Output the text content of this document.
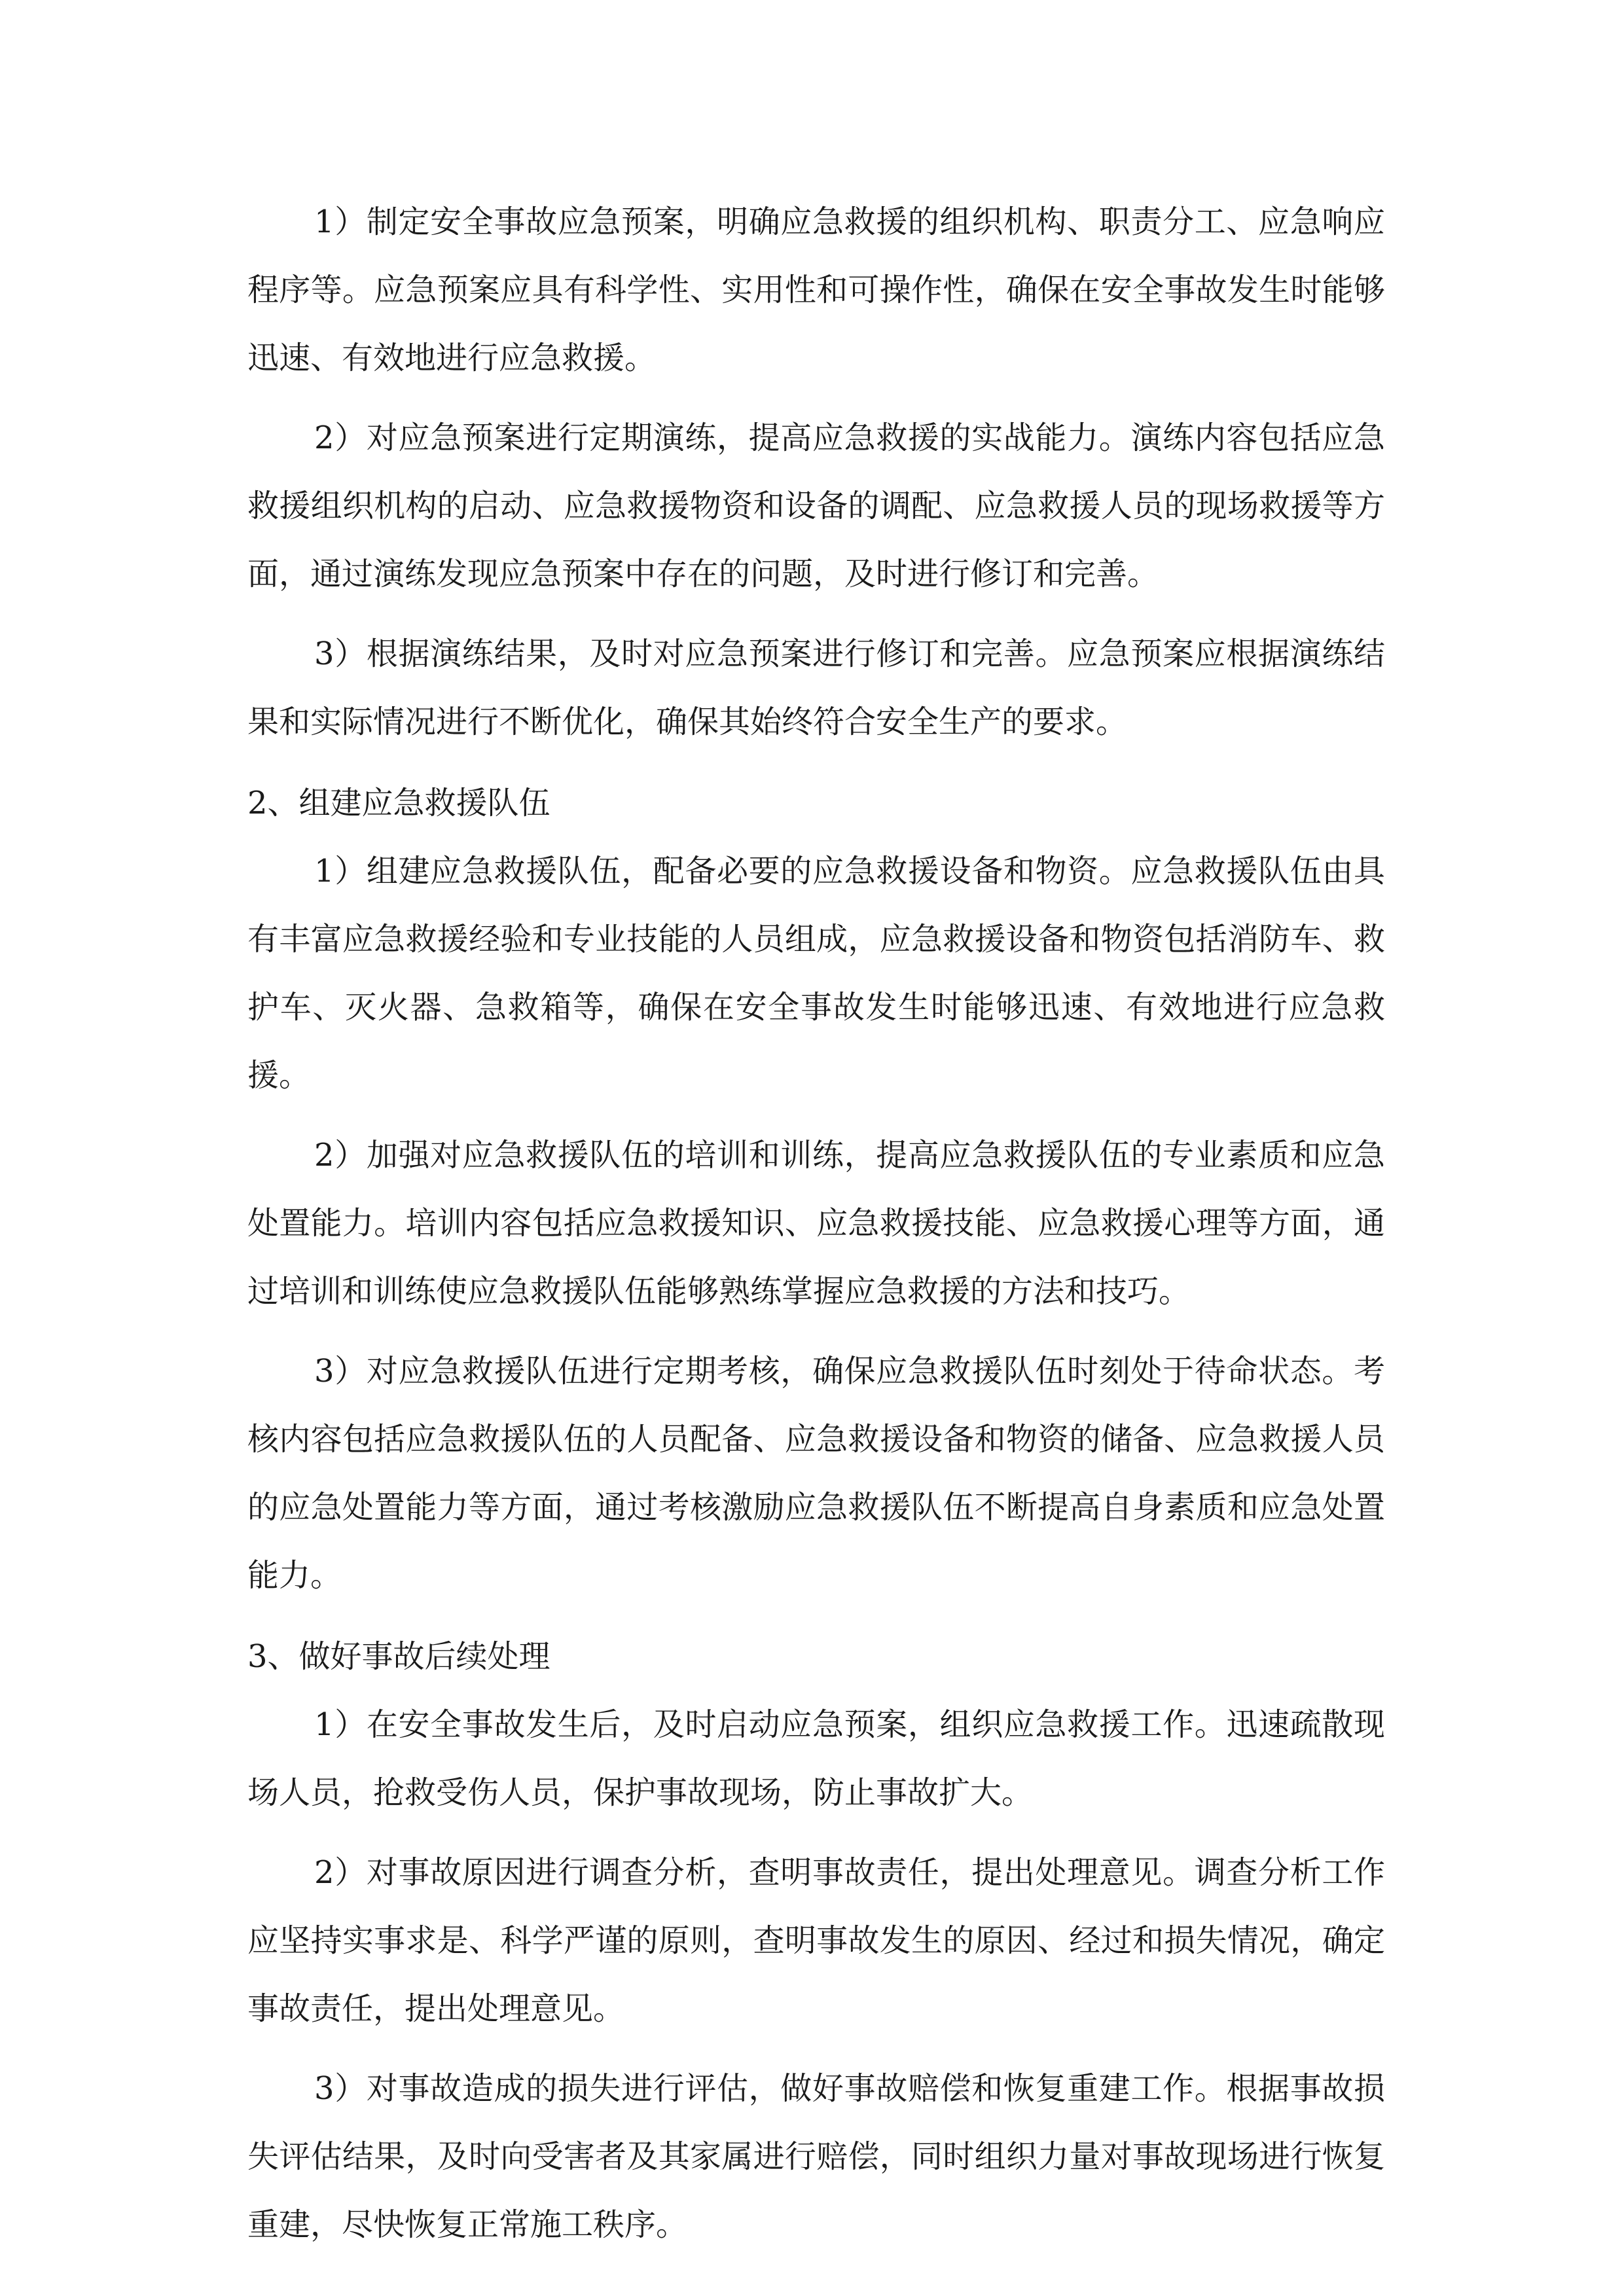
1）制定安全事故应急预案，明确应急救援的组织机构、职责分工、应急响应程序等。应急预案应具有科学性、实用性和可操作性，确保在安全事故发生时能够迅速、有效地进行应急救援。

2）对应急预案进行定期演练，提高应急救援的实战能力。演练内容包括应急救援组织机构的启动、应急救援物资和设备的调配、应急救援人员的现场救援等方面，通过演练发现应急预案中存在的问题，及时进行修订和完善。

3）根据演练结果，及时对应急预案进行修订和完善。应急预案应根据演练结果和实际情况进行不断优化，确保其始终符合安全生产的要求。

2、组建应急救援队伍

1）组建应急救援队伍，配备必要的应急救援设备和物资。应急救援队伍由具有丰富应急救援经验和专业技能的人员组成，应急救援设备和物资包括消防车、救护车、灭火器、急救箱等，确保在安全事故发生时能够迅速、有效地进行应急救援。

2）加强对应急救援队伍的培训和训练，提高应急救援队伍的专业素质和应急处置能力。培训内容包括应急救援知识、应急救援技能、应急救援心理等方面，通过培训和训练使应急救援队伍能够熟练掌握应急救援的方法和技巧。

3）对应急救援队伍进行定期考核，确保应急救援队伍时刻处于待命状态。考核内容包括应急救援队伍的人员配备、应急救援设备和物资的储备、应急救援人员的应急处置能力等方面，通过考核激励应急救援队伍不断提高自身素质和应急处置能力。

3、做好事故后续处理

1）在安全事故发生后，及时启动应急预案，组织应急救援工作。迅速疏散现场人员，抢救受伤人员，保护事故现场，防止事故扩大。

2）对事故原因进行调查分析，查明事故责任，提出处理意见。调查分析工作应坚持实事求是、科学严谨的原则，查明事故发生的原因、经过和损失情况，确定事故责任，提出处理意见。

3）对事故造成的损失进行评估，做好事故赔偿和恢复重建工作。根据事故损失评估结果，及时向受害者及其家属进行赔偿，同时组织力量对事故现场进行恢复重建，尽快恢复正常施工秩序。
